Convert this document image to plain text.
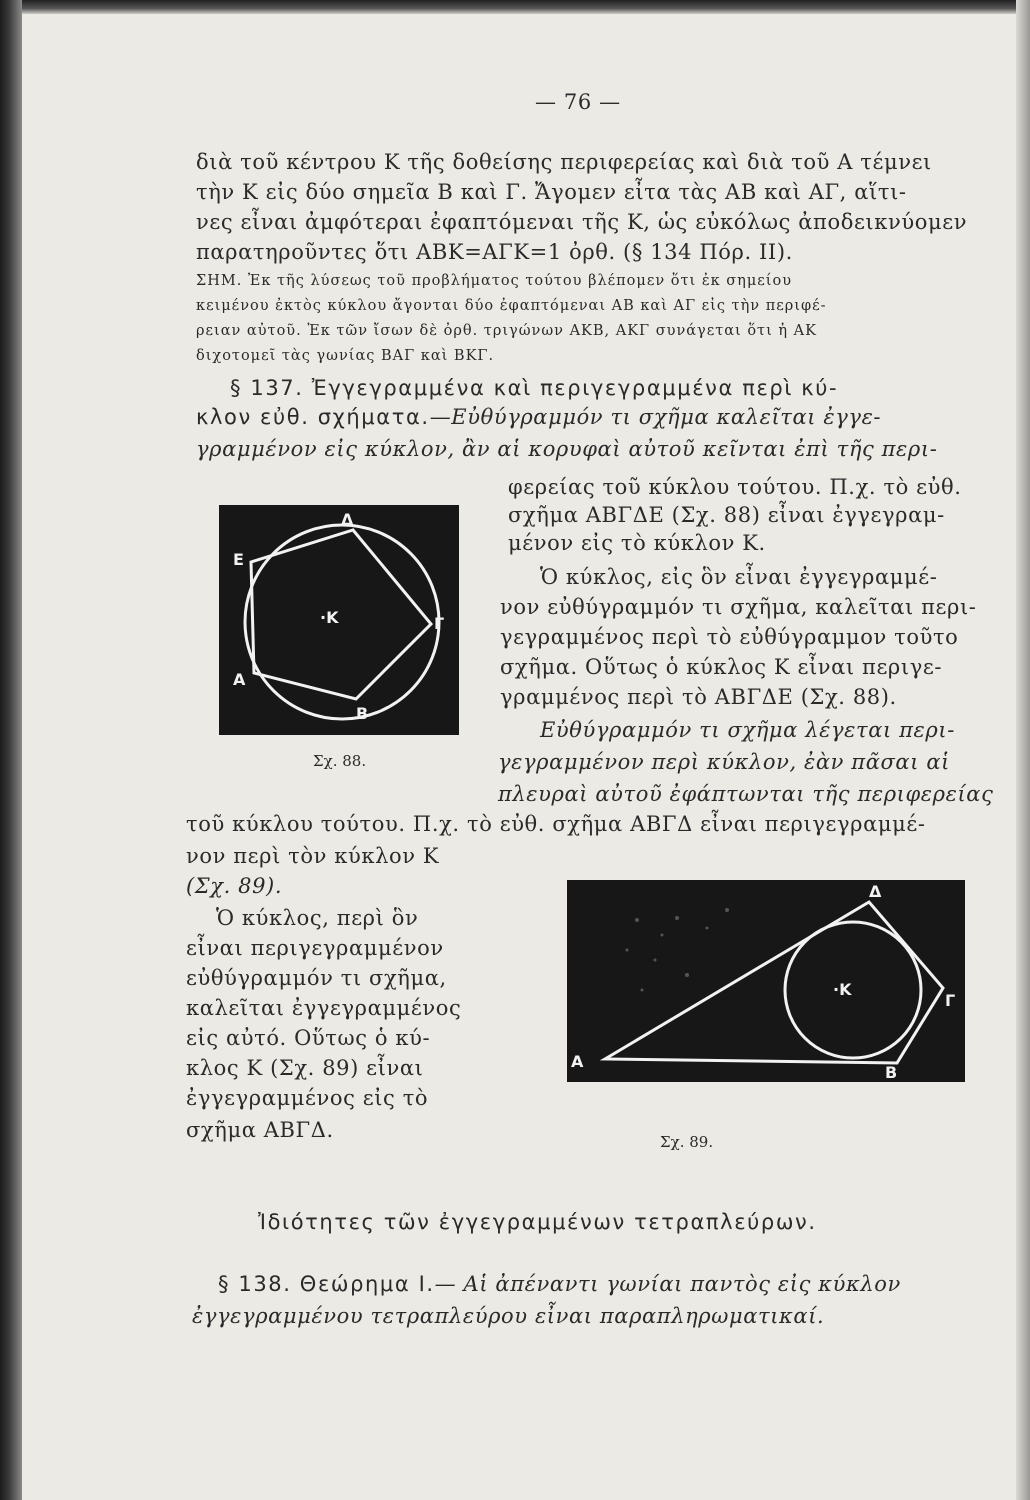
— 76 —
διὰ τοῦ κέντρου Κ τῆς δοθείσης περιφερείας καὶ διὰ τοῦ Α τέμνει
τὴν Κ εἰς δύο σημεῖα Β καὶ Γ. Ἄγομεν εἶτα τὰς ΑΒ καὶ ΑΓ, αἵτι-
νες εἶναι ἀμφότεραι ἐφαπτόμεναι τῆς Κ, ὡς εὐκόλως ἀποδεικνύομεν
παρατηροῦντες ὅτι ΑΒΚ=ΑΓΚ=1 ὀρθ. (§ 134 Πόρ. ΙΙ).
ΣΗΜ. Ἐκ τῆς λύσεως τοῦ προβλήματος τούτου βλέπομεν ὅτι ἐκ σημείου
κειμένου ἐκτὸς κύκλου ἄγονται δύο ἐφαπτόμεναι ΑΒ καὶ ΑΓ εἰς τὴν περιφέ-
ρειαν αὐτοῦ. Ἐκ τῶν ἴσων δὲ ὀρθ. τριγώνων ΑΚΒ, ΑΚΓ συνάγεται ὅτι ἡ ΑΚ
διχοτομεῖ τὰς γωνίας ΒΑΓ καὶ ΒΚΓ.
§ 137. Ἐγγεγραμμένα καὶ περιγεγραμμένα περὶ κύ-
κλον εὐθ. σχήματα.—Εὐθύγραμμόν τι σχῆμα καλεῖται ἐγγε-
γραμμένον εἰς κύκλον, ἂν αἱ κορυφαὶ αὐτοῦ κεῖνται ἐπὶ τῆς περι-
φερείας τοῦ κύκλου τούτου. Π.χ. τὸ εὐθ.
σχῆμα ΑΒΓΔΕ (Σχ. 88) εἶναι ἐγγεγραμ-
μένον εἰς τὸ κύκλον Κ.
Ὁ κύκλος, εἰς ὃν εἶναι ἐγγεγραμμέ-
νον εὐθύγραμμόν τι σχῆμα, καλεῖται περι-
γεγραμμένος περὶ τὸ εὐθύγραμμον τοῦτο
σχῆμα. Οὕτως ὁ κύκλος Κ εἶναι περιγε-
γραμμένος περὶ τὸ ΑΒΓΔΕ (Σχ. 88).
Εὐθύγραμμόν τι σχῆμα λέγεται περι-
γεγραμμένον περὶ κύκλον, ἐὰν πᾶσαι αἱ
πλευραὶ αὐτοῦ ἐφάπτωνται τῆς περιφερείας
τοῦ κύκλου τούτου. Π.χ. τὸ εὐθ. σχῆμα ΑΒΓΔ εἶναι περιγεγραμμέ-
νον περὶ τὸν κύκλον Κ
(Σχ. 89).
Ὁ κύκλος, περὶ ὃν
εἶναι περιγεγραμμένον
εὐθύγραμμόν τι σχῆμα,
καλεῖται ἐγγεγραμμένος
εἰς αὐτό. Οὕτως ὁ κύ-
κλος Κ (Σχ. 89) εἶναι
ἐγγεγραμμένος εἰς τὸ
σχῆμα ΑΒΓΔ.
Δ
Ε
Γ
Α
Β
·Κ
Σχ. 88.
Δ
Γ
Α
Β
·Κ
Σχ. 89.
Ἰδιότητες τῶν ἐγγεγραμμένων τετραπλεύρων.
§ 138. Θεώρημα Ι.— Αἱ ἀπέναντι γωνίαι παντὸς εἰς κύκλον
ἐγγεγραμμένου τετραπλεύρου εἶναι παραπληρωματικαί.
